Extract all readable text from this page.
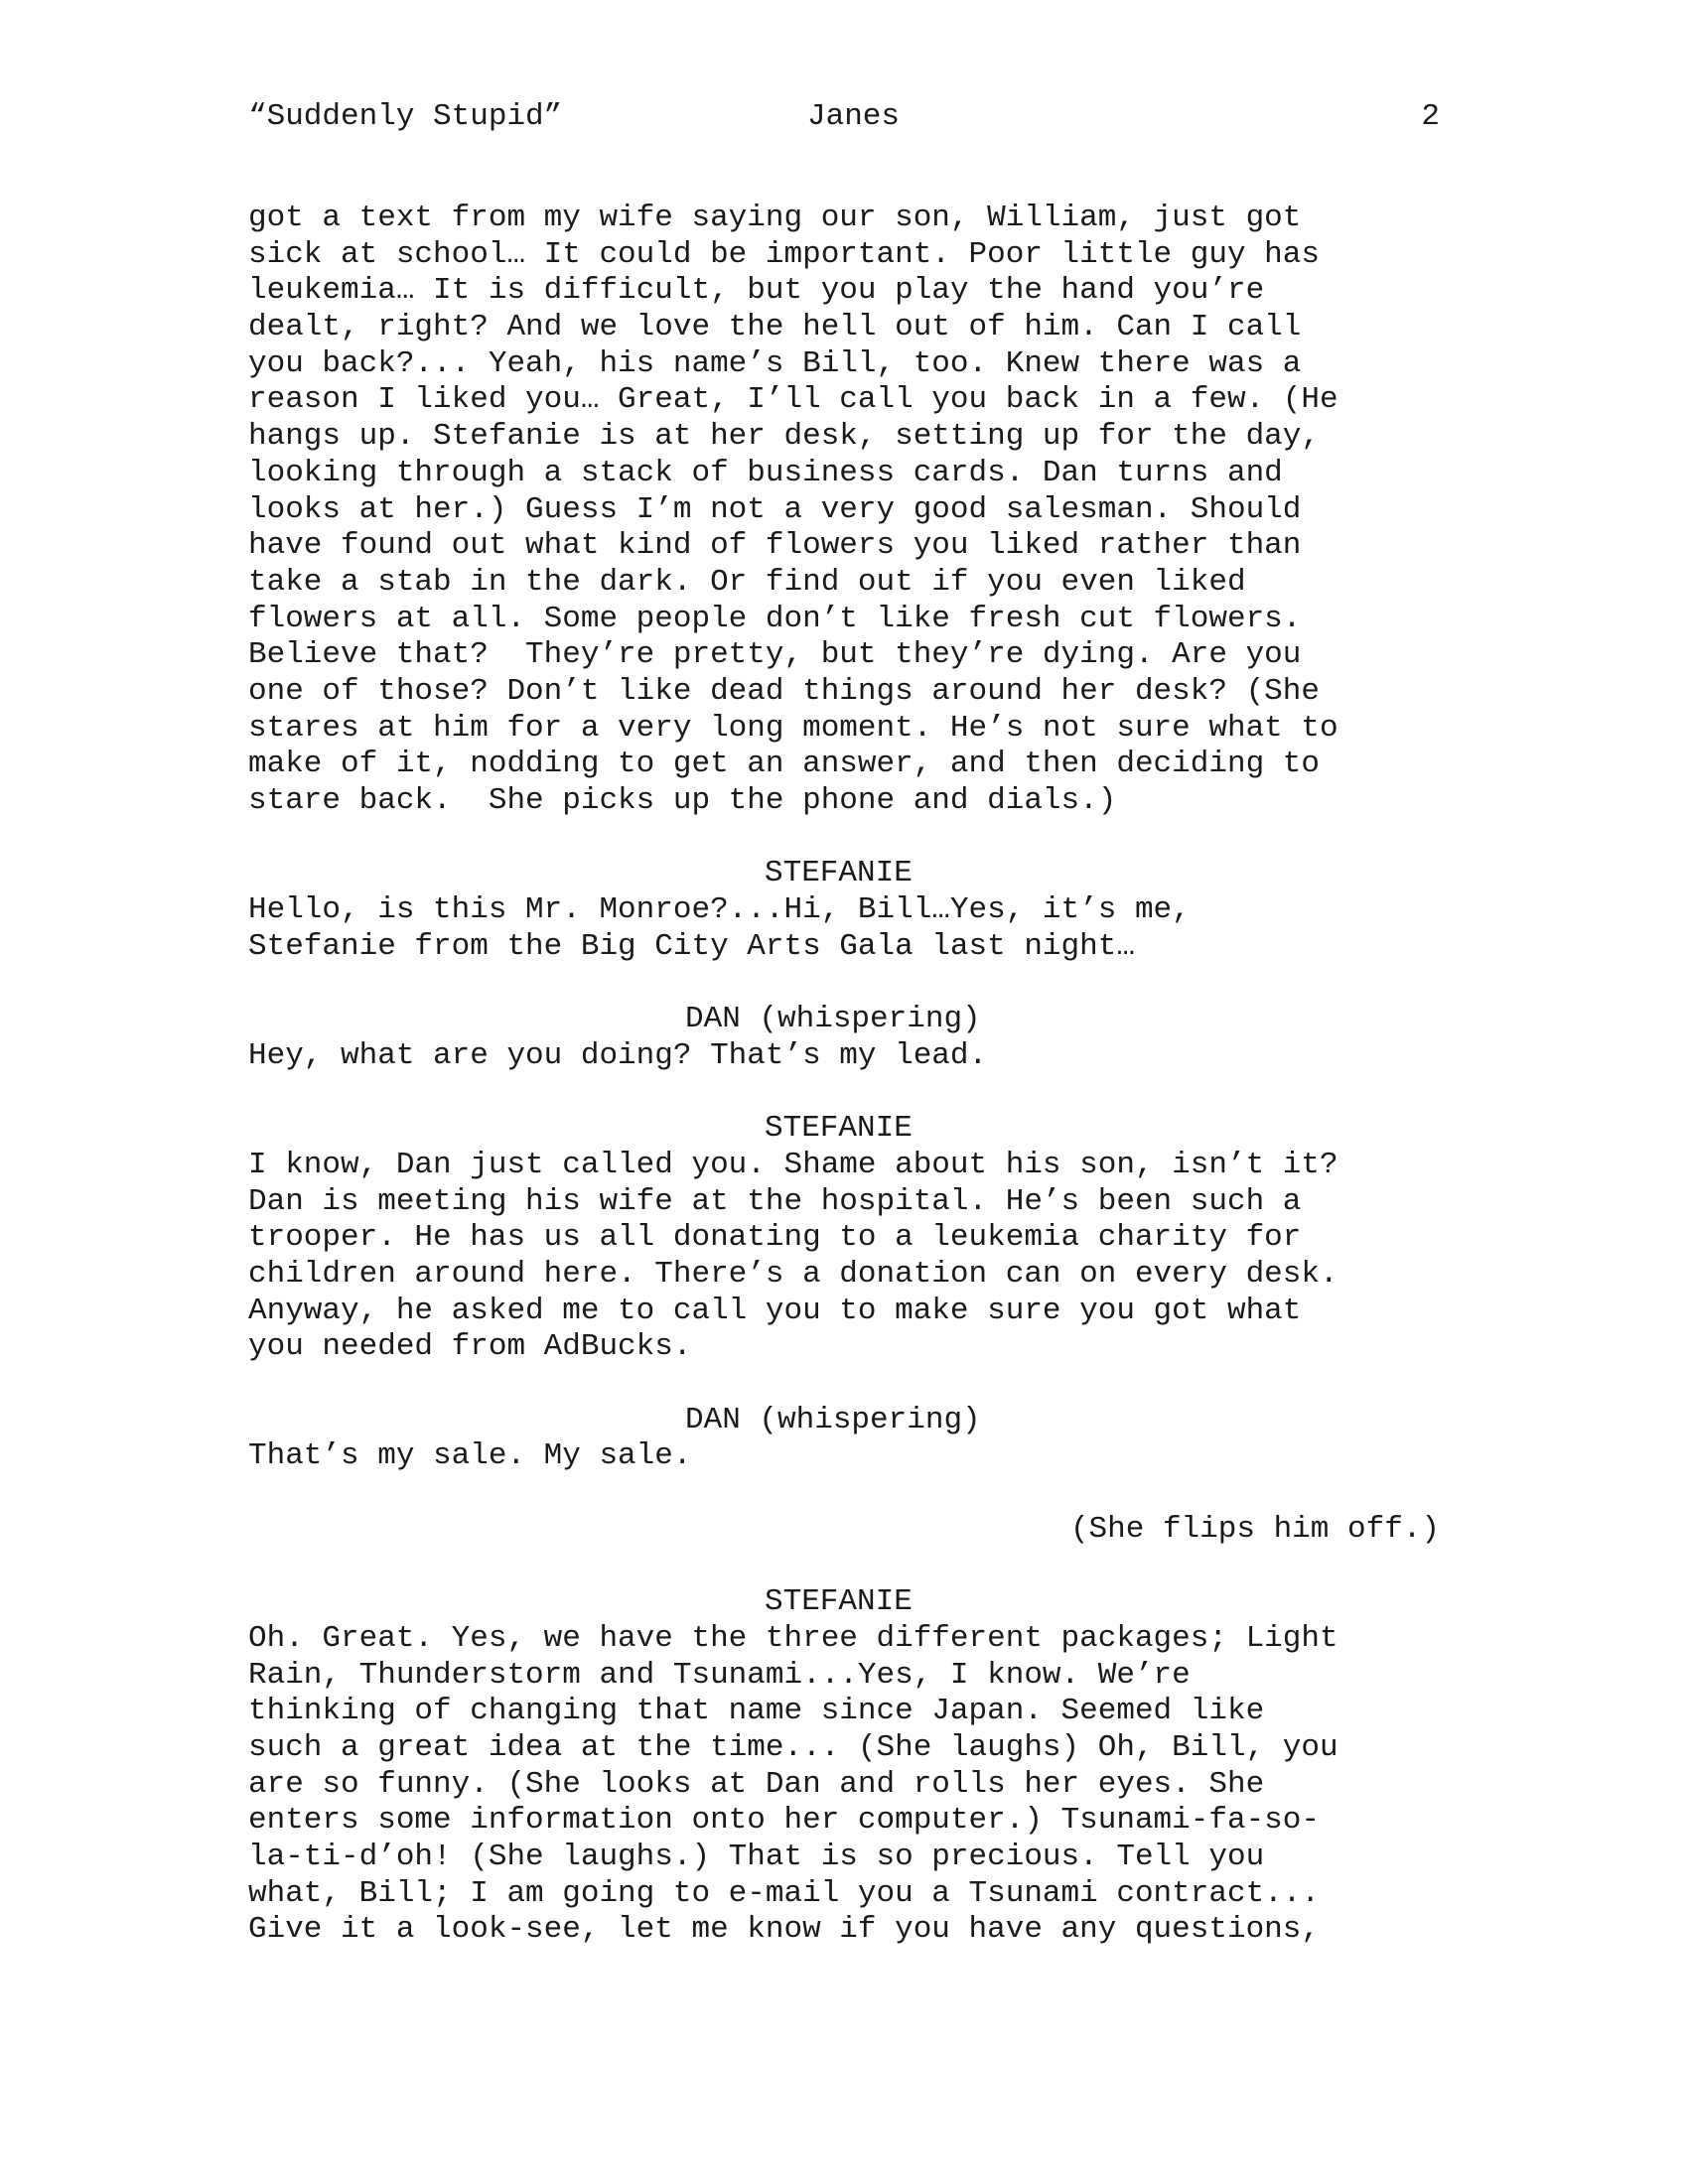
“Suddenly Stupid”	Janes	2
got a text from my wife saying our son, William, just got
sick at school… It could be important. Poor little guy has
leukemia… It is difficult, but you play the hand you’re
dealt, right? And we love the hell out of him. Can I call
you back?... Yeah, his name’s Bill, too. Knew there was a
reason I liked you… Great, I’ll call you back in a few. (He
hangs up. Stefanie is at her desk, setting up for the day,
looking through a stack of business cards. Dan turns and
looks at her.) Guess I’m not a very good salesman. Should
have found out what kind of flowers you liked rather than
take a stab in the dark. Or find out if you even liked
flowers at all. Some people don’t like fresh cut flowers.
Believe that?  They’re pretty, but they’re dying. Are you
one of those? Don’t like dead things around her desk? (She
stares at him for a very long moment. He’s not sure what to
make of it, nodding to get an answer, and then deciding to
stare back.  She picks up the phone and dials.)
STEFANIE
Hello, is this Mr. Monroe?...Hi, Bill…Yes, it’s me,
Stefanie from the Big City Arts Gala last night…
DAN (whispering)
Hey, what are you doing? That’s my lead.
STEFANIE
I know, Dan just called you. Shame about his son, isn’t it?
Dan is meeting his wife at the hospital. He’s been such a
trooper. He has us all donating to a leukemia charity for
children around here. There’s a donation can on every desk.
Anyway, he asked me to call you to make sure you got what
you needed from AdBucks.
DAN (whispering)
That’s my sale. My sale.
(She flips him off.)
STEFANIE
Oh. Great. Yes, we have the three different packages; Light
Rain, Thunderstorm and Tsunami...Yes, I know. We’re
thinking of changing that name since Japan. Seemed like
such a great idea at the time... (She laughs) Oh, Bill, you
are so funny. (She looks at Dan and rolls her eyes. She
enters some information onto her computer.) Tsunami-fa-so-
la-ti-d’oh! (She laughs.) That is so precious. Tell you
what, Bill; I am going to e-mail you a Tsunami contract...
Give it a look-see, let me know if you have any questions,
